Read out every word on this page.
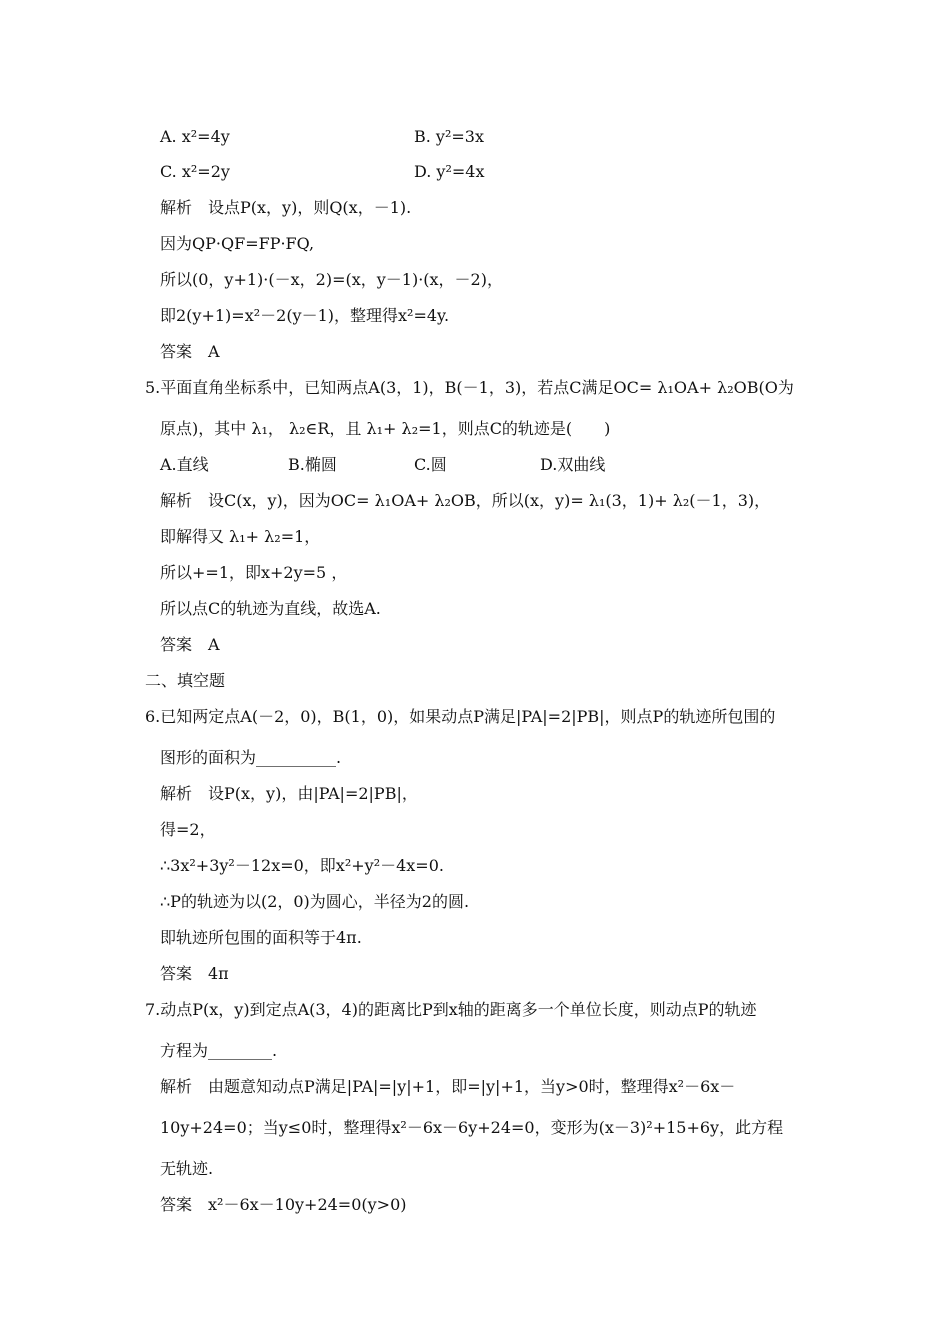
A. x²=4y	B. y²=3x
C. x²=2y	D. y²=4x
解析　设点P(x，y)，则Q(x，－1).
因为QP·QF=FP·FQ,
所以(0，y+1)·(－x，2)=(x，y－1)·(x，－2)，
即2(y+1)=x²－2(y－1)，整理得x²=4y.
答案　A
5.平面直角坐标系中，已知两点A(3，1)，B(－1，3)，若点C满足OC= λ₁OA+ λ₂OB(O为
原点)，其中 λ₁， λ₂∈R，且 λ₁+ λ₂=1，则点C的轨迹是(　　)
A.直线	B.椭圆	C.圆	D.双曲线
解析　设C(x，y)，因为OC= λ₁OA+ λ₂OB，所以(x，y)= λ₁(3，1)+ λ₂(－1，3)，
即解得又 λ₁+ λ₂=1，
所以+=1，即x+2y=5 ，
所以点C的轨迹为直线，故选A.
答案　A
二、填空题
6.已知两定点A(－2，0)，B(1，0)，如果动点P满足|PA|=2|PB|，则点P的轨迹所包围的
图形的面积为__________.
解析　设P(x，y)，由|PA|=2|PB|，
得=2，
∴3x²+3y²－12x=0，即x²+y²－4x=0.
∴P的轨迹为以(2，0)为圆心，半径为2的圆.
即轨迹所包围的面积等于4π.
答案　4π
7.动点P(x，y)到定点A(3，4)的距离比P到x轴的距离多一个单位长度，则动点P的轨迹
方程为________.
解析　由题意知动点P满足|PA|=|y|+1，即=|y|+1，当y>0时，整理得x²－6x－
10y+24=0；当y≤0时，整理得x²－6x－6y+24=0，变形为(x－3)²+15+6y，此方程
无轨迹.
答案　x²－6x－10y+24=0(y>0)
